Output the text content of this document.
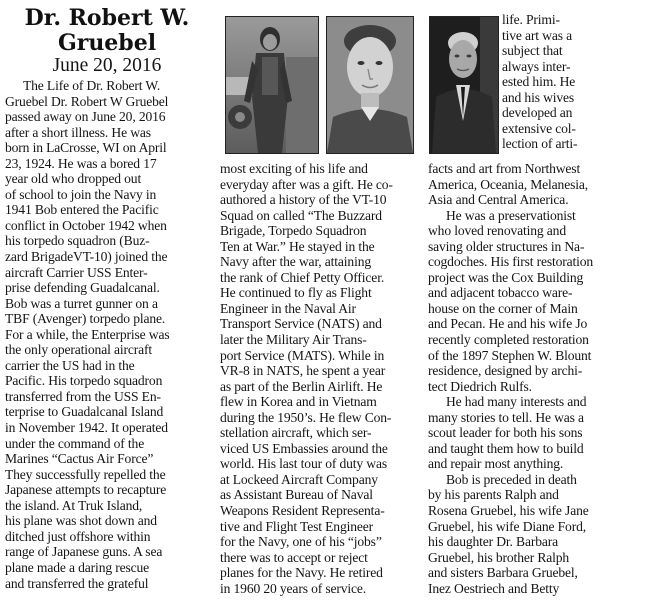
Dr. Robert W.
Gruebel
June 20, 2016
The Life of Dr. Robert W.
Gruebel Dr. Robert W Gruebel
passed away on June 20, 2016
after a short illness. He was
born in LaCrosse, WI on April
23, 1924. He was a bored 17
year old who dropped out
of school to join the Navy in
1941 Bob entered the Pacific
conflict in October 1942 when
his torpedo squadron (Buz-
zard BrigadeVT-10) joined the
aircraft Carrier USS Enter-
prise defending Guadalcanal.
Bob was a turret gunner on a
TBF (Avenger) torpedo plane.
For a while, the Enterprise was
the only operational aircraft
carrier the US had in the
Pacific. His torpedo squadron
transferred from the USS En-
terprise to Guadalcanal Island
in November 1942. It operated
under the command of the
Marines “Cactus Air Force”
They successfully repelled the
Japanese attempts to recapture
the island. At Truk Island,
his plane was shot down and
ditched just offshore within
range of Japanese guns. A sea
plane made a daring rescue
and transferred the grateful
most exciting of his life and
everyday after was a gift. He co-
authored a history of the VT-10
Squad on called “The Buzzard
Brigade, Torpedo Squadron
Ten at War.” He stayed in the
Navy after the war, attaining
the rank of Chief Petty Officer.
He continued to fly as Flight
Engineer in the Naval Air
Transport Service (NATS) and
later the Military Air Trans-
port Service (MATS). While in
VR-8 in NATS, he spent a year
as part of the Berlin Airlift. He
flew in Korea and in Vietnam
during the 1950’s. He flew Con-
stellation aircraft, which ser-
viced US Embassies around the
world. His last tour of duty was
at Lockeed Aircraft Company
as Assistant Bureau of Naval
Weapons Resident Representa-
tive and Flight Test Engineer
for the Navy, one of his “jobs”
there was to accept or reject
planes for the Navy. He retired
in 1960 20 years of service.
life. Primi-
tive art was a
subject that
always inter-
ested him. He
and his wives
developed an
extensive col-
lection of arti-
facts and art from Northwest
America, Oceania, Melanesia,
Asia and Central America.
He was a preservationist
who loved renovating and
saving older structures in Na-
cogdoches. His first restoration
project was the Cox Building
and adjacent tobacco ware-
house on the corner of Main
and Pecan. He and his wife Jo
recently completed restoration
of the 1897 Stephen W. Blount
residence, designed by archi-
tect Diedrich Rulfs.
He had many interests and
many stories to tell. He was a
scout leader for both his sons
and taught them how to build
and repair most anything.
Bob is preceded in death
by his parents Ralph and
Rosena Gruebel, his wife Jane
Gruebel, his wife Diane Ford,
his daughter Dr. Barbara
Gruebel, his brother Ralph
and sisters Barbara Gruebel,
Inez Oestriech and Betty
